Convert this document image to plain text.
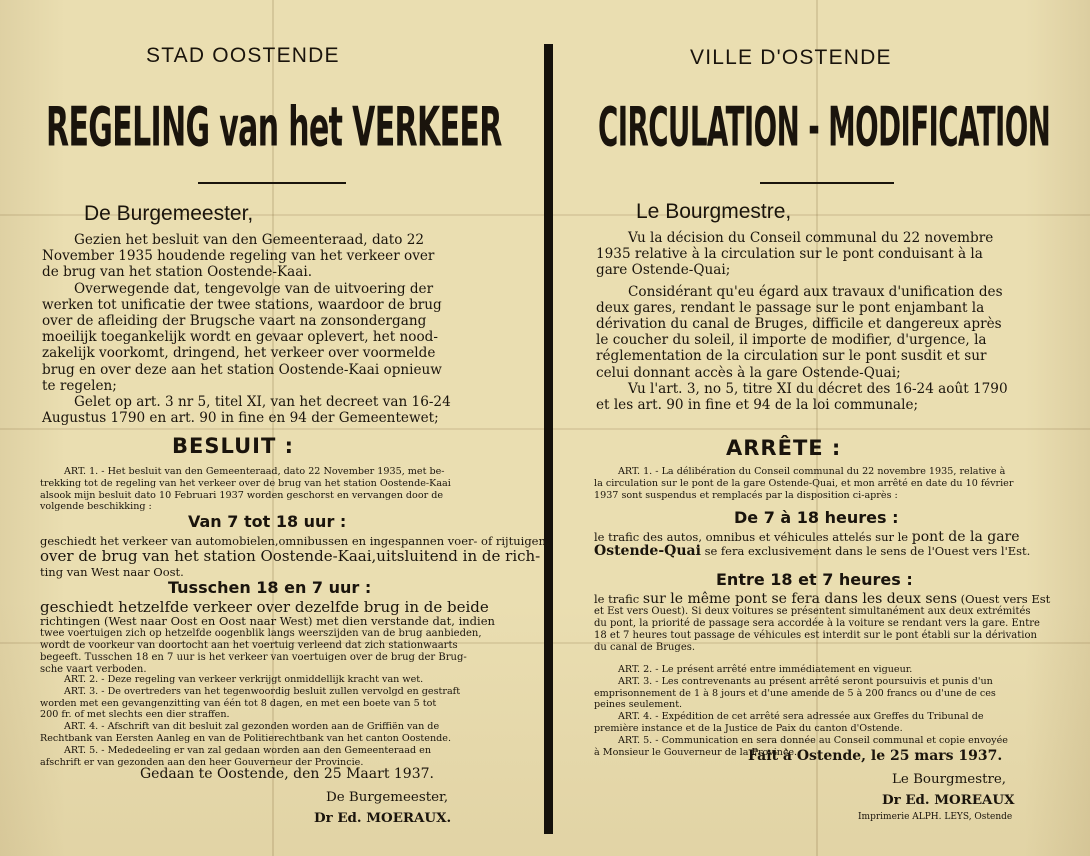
STAD OOSTENDE
REGELING van het VERKEER
De Burgemeester,
Gezien het besluit van den Gemeenteraad, dato 22
November 1935 houdende regeling van het verkeer over
de brug van het station Oostende-Kaai.
Overwegende dat, tengevolge van de uitvoering der
werken tot unificatie der twee stations, waardoor de brug
over de afleiding der Brugsche vaart na zonsondergang
moeilijk toegankelijk wordt en gevaar oplevert, het nood-
zakelijk voorkomt, dringend, het verkeer over voormelde
brug en over deze aan het station Oostende-Kaai opnieuw
te regelen;
Gelet op art. 3 nr 5, titel XI, van het decreet van 16-24
Augustus 1790 en art. 90 in fine en 94 der Gemeentewet;
BESLUIT :
ART. 1. - Het besluit van den Gemeenteraad, dato 22 November 1935, met be-
trekking tot de regeling van het verkeer over de brug van het station Oostende-Kaai
alsook mijn besluit dato 10 Februari 1937 worden geschorst en vervangen door de
volgende beschikking :
Van 7 tot 18 uur :
geschiedt het verkeer van automobielen,omnibussen en ingespannen voer- of rijtuigen,
over de brug van het station Oostende-Kaai,uitsluitend in de rich-
ting van West naar Oost.
Tusschen 18 en 7 uur :
geschiedt hetzelfde verkeer over dezelfde brug in de beide
richtingen (West naar Oost en Oost naar West) met dien verstande dat, indien
twee voertuigen zich op hetzelfde oogenblik langs weerszijden van de brug aanbieden,
wordt de voorkeur van doortocht aan het voertuig verleend dat zich stationwaarts
begeeft. Tusschen 18 en 7 uur is het verkeer van voertuigen over de brug der Brug-
sche vaart verboden.
ART. 2. - Deze regeling van verkeer verkrijgt onmiddellijk kracht van wet.
ART. 3. - De overtreders van het tegenwoordig besluit zullen vervolgd en gestraft
worden met een gevangenzitting van één tot 8 dagen, en met een boete van 5 tot
200 fr. of met slechts een dier straffen.
ART. 4. - Afschrift van dit besluit zal gezonden worden aan de Griffiën van de
Rechtbank van Eersten Aanleg en van de Politierechtbank van het canton Oostende.
ART. 5. - Mededeeling er van zal gedaan worden aan den Gemeenteraad en
afschrift er van gezonden aan den heer Gouverneur der Provincie.
Gedaan te Oostende, den 25 Maart 1937.
De Burgemeester,
Dr Ed. MOERAUX.
VILLE D'OSTENDE
CIRCULATION - MODIFICATION
Le Bourgmestre,
Vu la décision du Conseil communal du 22 novembre
1935 relative à la circulation sur le pont conduisant à la
gare Ostende-Quai;
Considérant qu'eu égard aux travaux d'unification des
deux gares, rendant le passage sur le pont enjambant la
dérivation du canal de Bruges, difficile et dangereux après
le coucher du soleil, il importe de modifier, d'urgence, la
réglementation de la circulation sur le pont susdit et sur
celui donnant accès à la gare Ostende-Quai;
Vu l'art. 3, no 5, titre XI du décret des 16-24 août 1790
et les art. 90 in fine et 94 de la loi communale;
ARRÊTE :
ART. 1. - La délibération du Conseil communal du 22 novembre 1935, relative à
la circulation sur le pont de la gare Ostende-Quai, et mon arrêté en date du 10 février
1937 sont suspendus et remplacés par la disposition ci-après :
De 7 à 18 heures :
le trafic des autos, omnibus et véhicules attelés sur le pont de la gare
Ostende-Quai se fera exclusivement dans le sens de l'Ouest vers l'Est.
Entre 18 et 7 heures :
le trafic sur le même pont se fera dans les deux sens (Ouest vers Est
et Est vers Ouest). Si deux voitures se présentent simultanément aux deux extrémités
du pont, la priorité de passage sera accordée à la voiture se rendant vers la gare. Entre
18 et 7 heures tout passage de véhicules est interdit sur le pont établi sur la dérivation
du canal de Bruges.
ART. 2. - Le présent arrêté entre immédiatement en vigueur.
ART. 3. - Les contrevenants au présent arrêté seront poursuivis et punis d'un
emprisonnement de 1 à 8 jours et d'une amende de 5 à 200 francs ou d'une de ces
peines seulement.
ART. 4. - Expédition de cet arrêté sera adressée aux Greffes du Tribunal de
première instance et de la Justice de Paix du canton d'Ostende.
ART. 5. - Communication en sera donnée au Conseil communal et copie envoyée
à Monsieur le Gouverneur de la Province.
Fait à Ostende, le 25 mars 1937.
Le Bourgmestre,
Dr Ed. MOREAUX
Imprimerie ALPH. LEYS, Ostende
